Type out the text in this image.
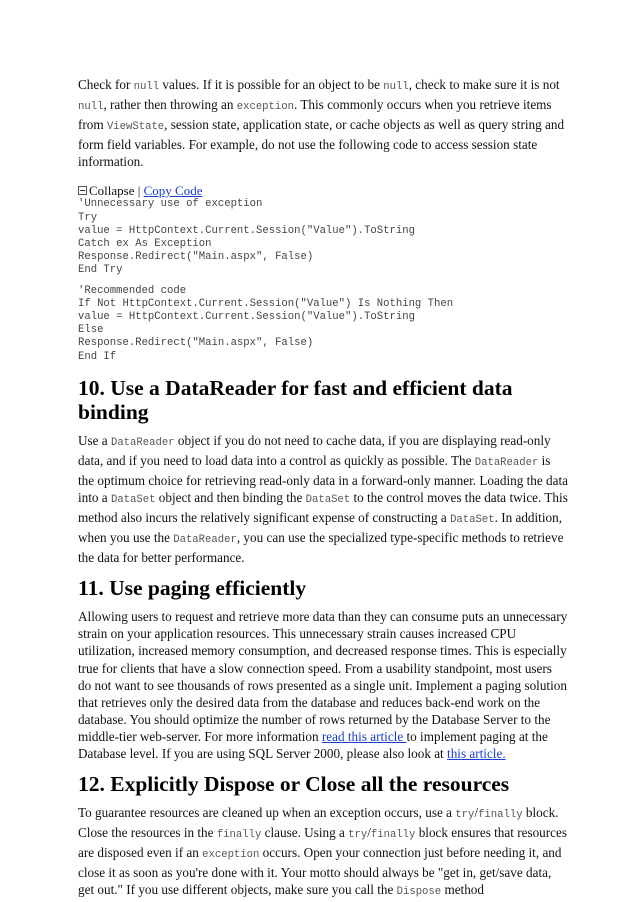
Check for null values. If it is possible for an object to be null, check to make sure it is not null, rather then throwing an exception. This commonly occurs when you retrieve items from ViewState, session state, application state, or cache objects as well as query string and form field variables. For example, do not use the following code to access session state information.

Collapse | Copy Code
'Unnecessary use of exception
Try
value = HttpContext.Current.Session("Value").ToString
Catch ex As Exception
Response.Redirect("Main.aspx", False)
End Try
'Recommended code
If Not HttpContext.Current.Session("Value") Is Nothing Then
value = HttpContext.Current.Session("Value").ToString
Else
Response.Redirect("Main.aspx", False)
End If
10. Use a DataReader for fast and efficient data binding

Use a DataReader object if you do not need to cache data, if you are displaying read-only data, and if you need to load data into a control as quickly as possible. The DataReader is the optimum choice for retrieving read-only data in a forward-only manner. Loading the data into a DataSet object and then binding the DataSet to the control moves the data twice. This method also incurs the relatively significant expense of constructing a DataSet. In addition, when you use the DataReader, you can use the specialized type-specific methods to retrieve the data for better performance.

11. Use paging efficiently

Allowing users to request and retrieve more data than they can consume puts an unnecessary strain on your application resources. This unnecessary strain causes increased CPU utilization, increased memory consumption, and decreased response times. This is especially true for clients that have a slow connection speed. From a usability standpoint, most users do not want to see thousands of rows presented as a single unit. Implement a paging solution that retrieves only the desired data from the database and reduces back-end work on the database. You should optimize the number of rows returned by the Database Server to the middle-tier web-server. For more information read this article to implement paging at the Database level. If you are using SQL Server 2000, please also look at this article.

12. Explicitly Dispose or Close all the resources

To guarantee resources are cleaned up when an exception occurs, use a try/finally block. Close the resources in the finally clause. Using a try/finally block ensures that resources are disposed even if an exception occurs. Open your connection just before needing it, and close it as soon as you're done with it. Your motto should always be "get in, get/save data, get out." If you use different objects, make sure you call the Dispose method
